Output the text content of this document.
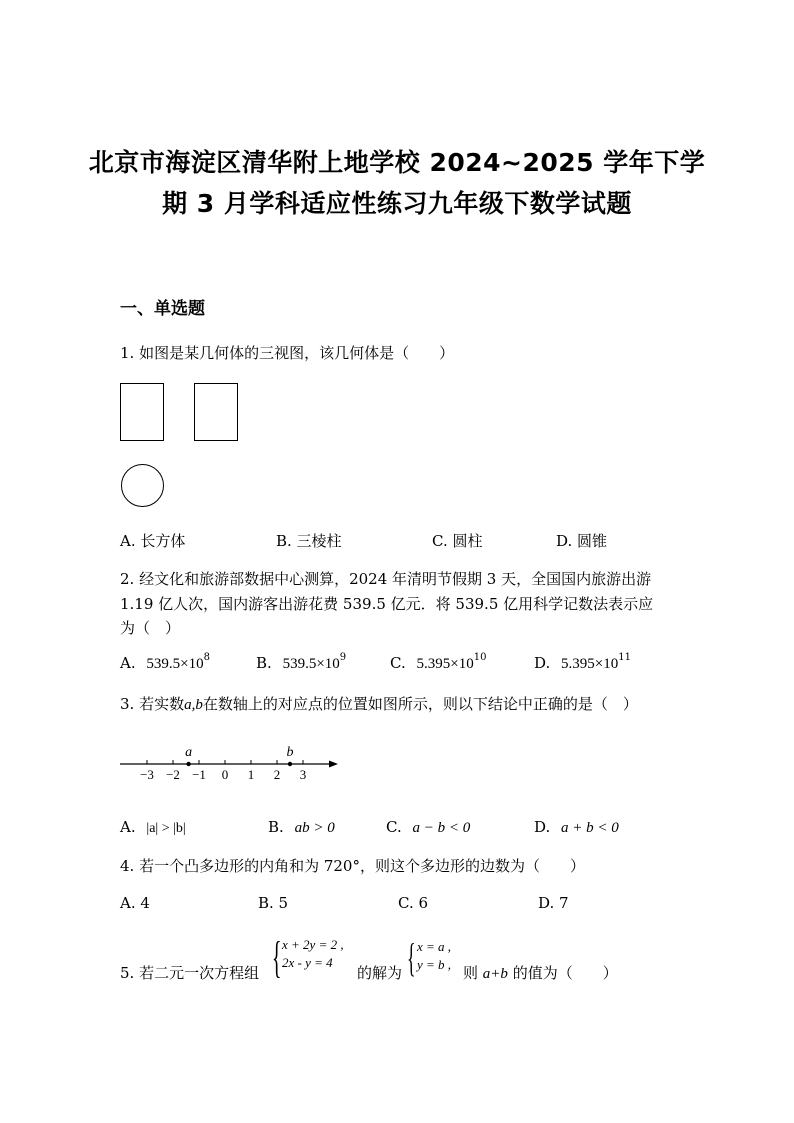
北京市海淀区清华附上地学校 2024~2025 学年下学
期 3 月学科适应性练习九年级下数学试题
一、单选题
1. 如图是某几何体的三视图，该几何体是（　　）
A. 长方体	B. 三棱柱	C. 圆柱	D. 圆锥
2. 经文化和旅游部数据中心测算，2024 年清明节假期 3 天，全国国内旅游出游
1.19 亿人次，国内游客出游花费 539.5 亿元．将 539.5 亿用科学记数法表示应
为（　）
A. $539.5\times 10^8$	B. $539.5\times 10^9$	C. $5.395\times 10^{10}$	D. $5.395\times 10^{11}$
3. 若实数a,b在数轴上的对应点的位置如图所示，则以下结论中正确的是（　）
−3 −2 −1 0 1 2 3
a	b
A. |a| > |b|	B. ab > 0	C. a − b < 0	D. a + b < 0
4. 若一个凸多边形的内角和为 720°，则这个多边形的边数为（　　）
A. 4	B. 5	C. 6	D. 7
5. 若二元一次方程组 { x + 2y = 2 ,
2x - y = 4
的解为 { x = a ,
y = b , 则 a+b 的值为（　　）
